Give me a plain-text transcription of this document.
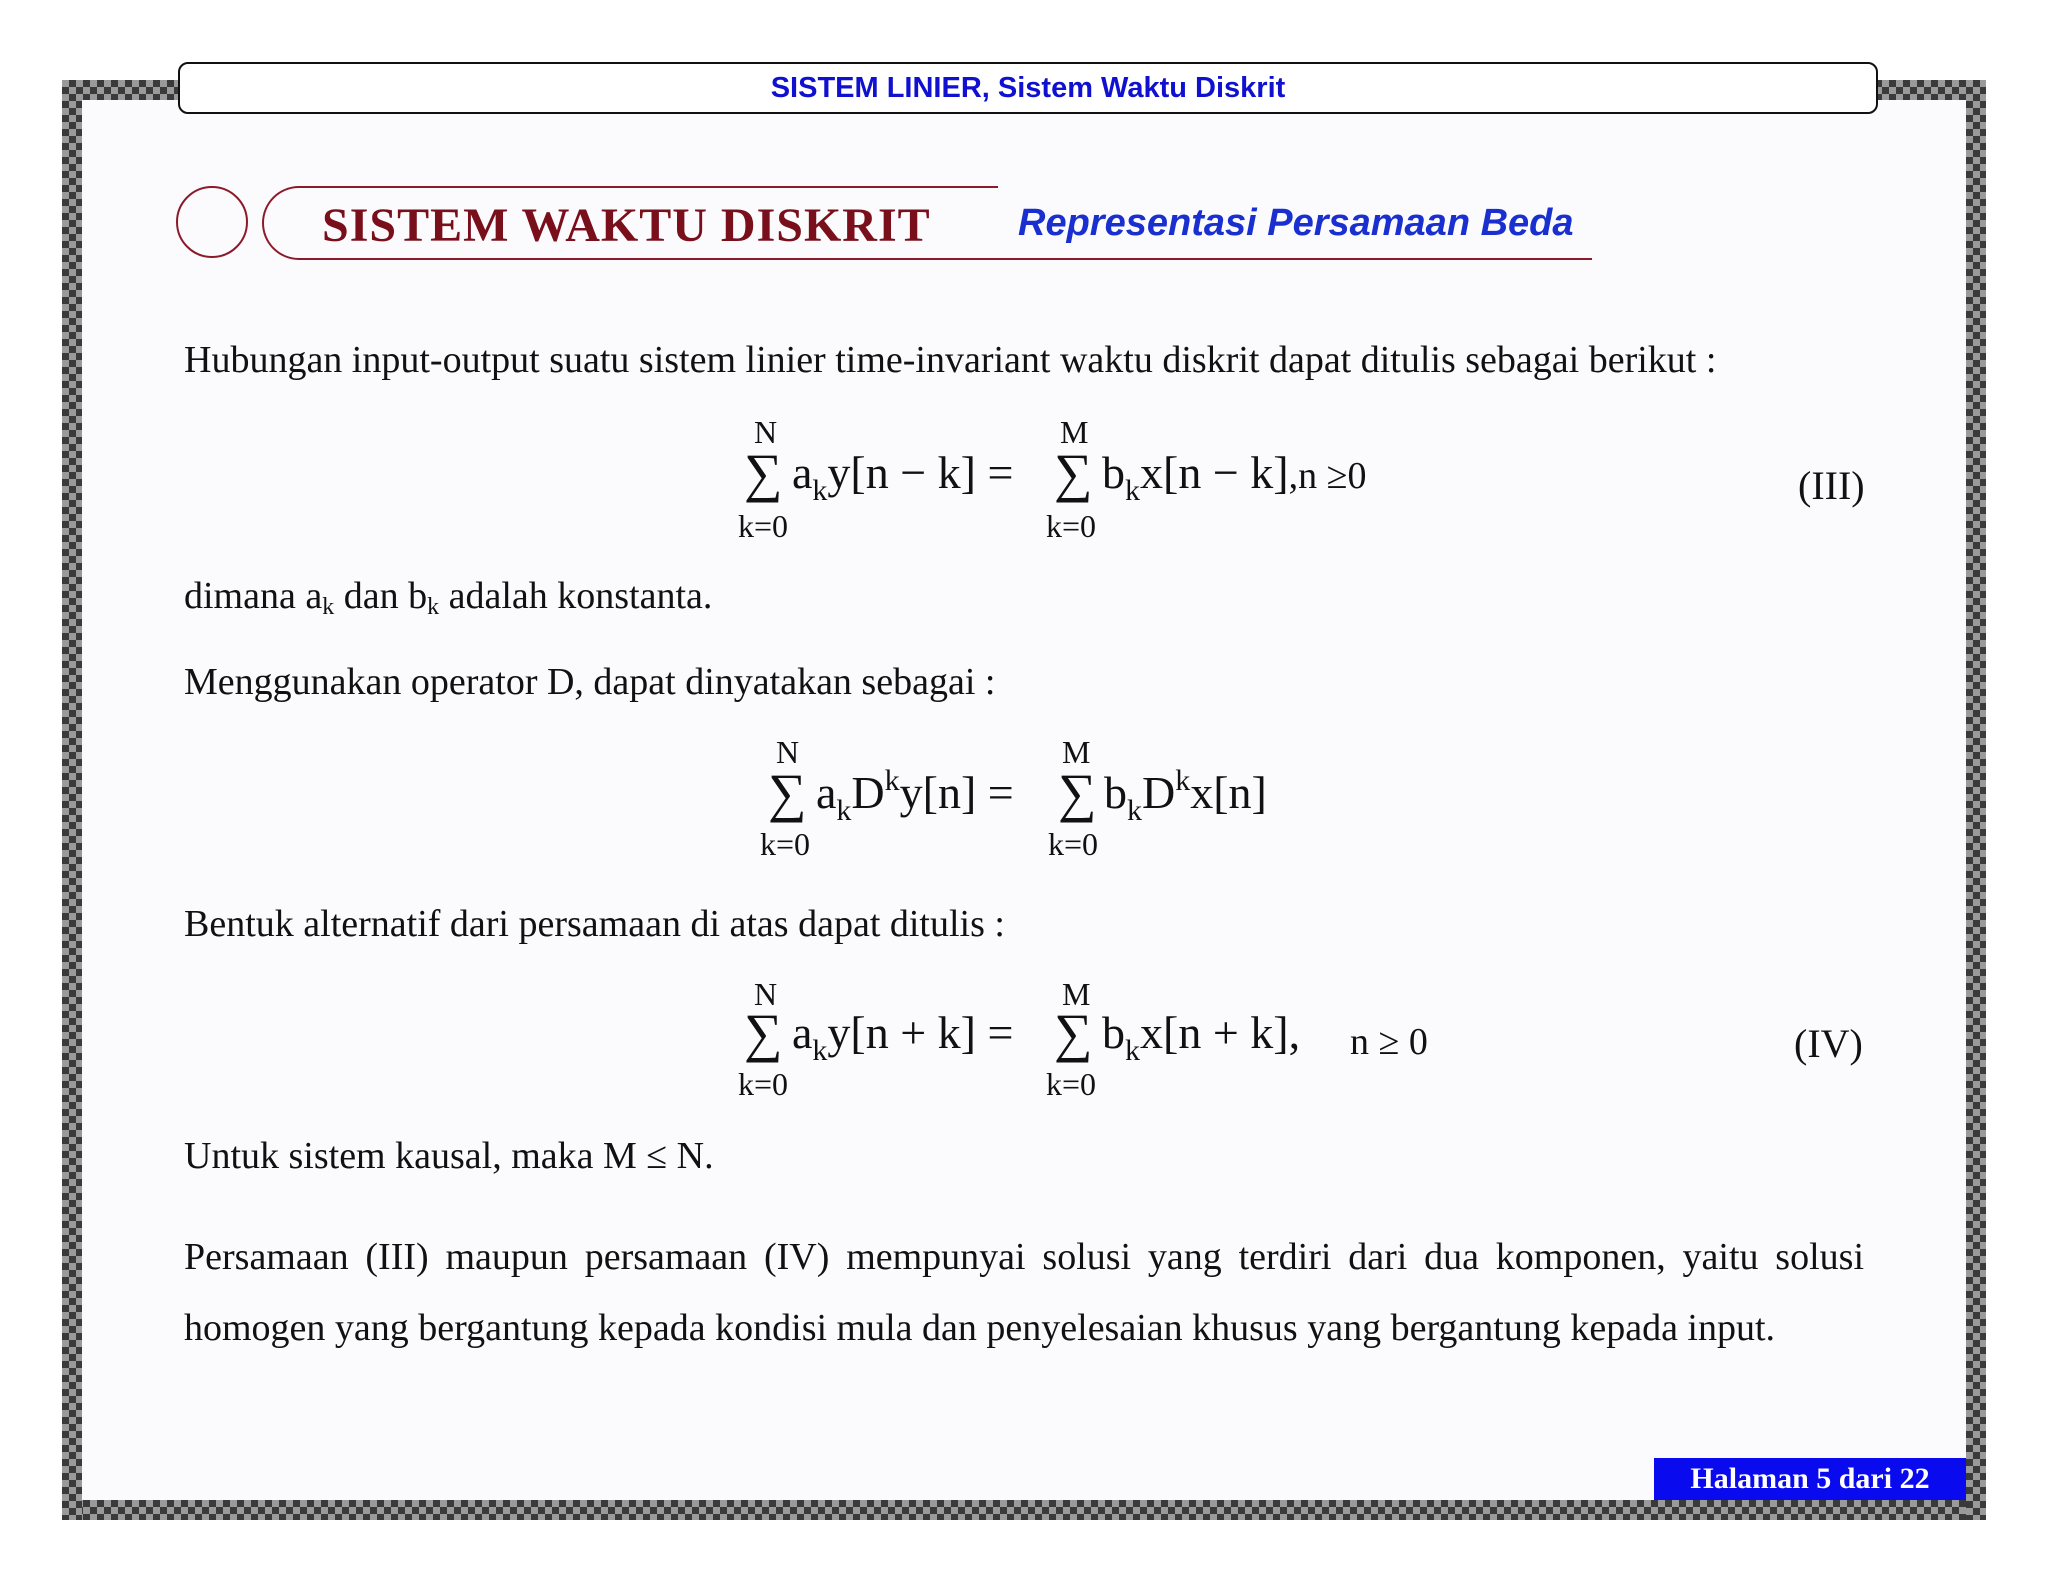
SISTEM LINIER, Sistem Waktu Diskrit
SISTEM WAKTU DISKRIT Representasi Persamaan Beda
Hubungan input-output suatu sistem linier time-invariant waktu diskrit dapat ditulis sebagai berikut :
N
∑
k=0
$a_ky[n - k]$ =
M
∑
k=0
$b_kx[n - k],n \ge 0$	(III)
dimana $a_k$ dan $b_k$ adalah konstanta.
Menggunakan operator D, dapat dinyatakan sebagai :
N
∑
k=0
$a_kD^ky[n]$ =
M
∑
k=0
$b_kD^kx[n]$
Bentuk alternatif dari persamaan di atas dapat ditulis :
N
∑
k=0
$a_ky[n + k]$ =
M
∑
k=0
$b_kx[n + k]$, n ≥ 0	(IV)
Untuk sistem kausal, maka M ≤ N.
Persamaan (III) maupun persamaan (IV) mempunyai solusi yang terdiri dari dua komponen, yaitu solusi homogen yang bergantung kepada kondisi mula dan penyelesaian khusus yang bergantung kepada input.
Halaman 5 dari 22
